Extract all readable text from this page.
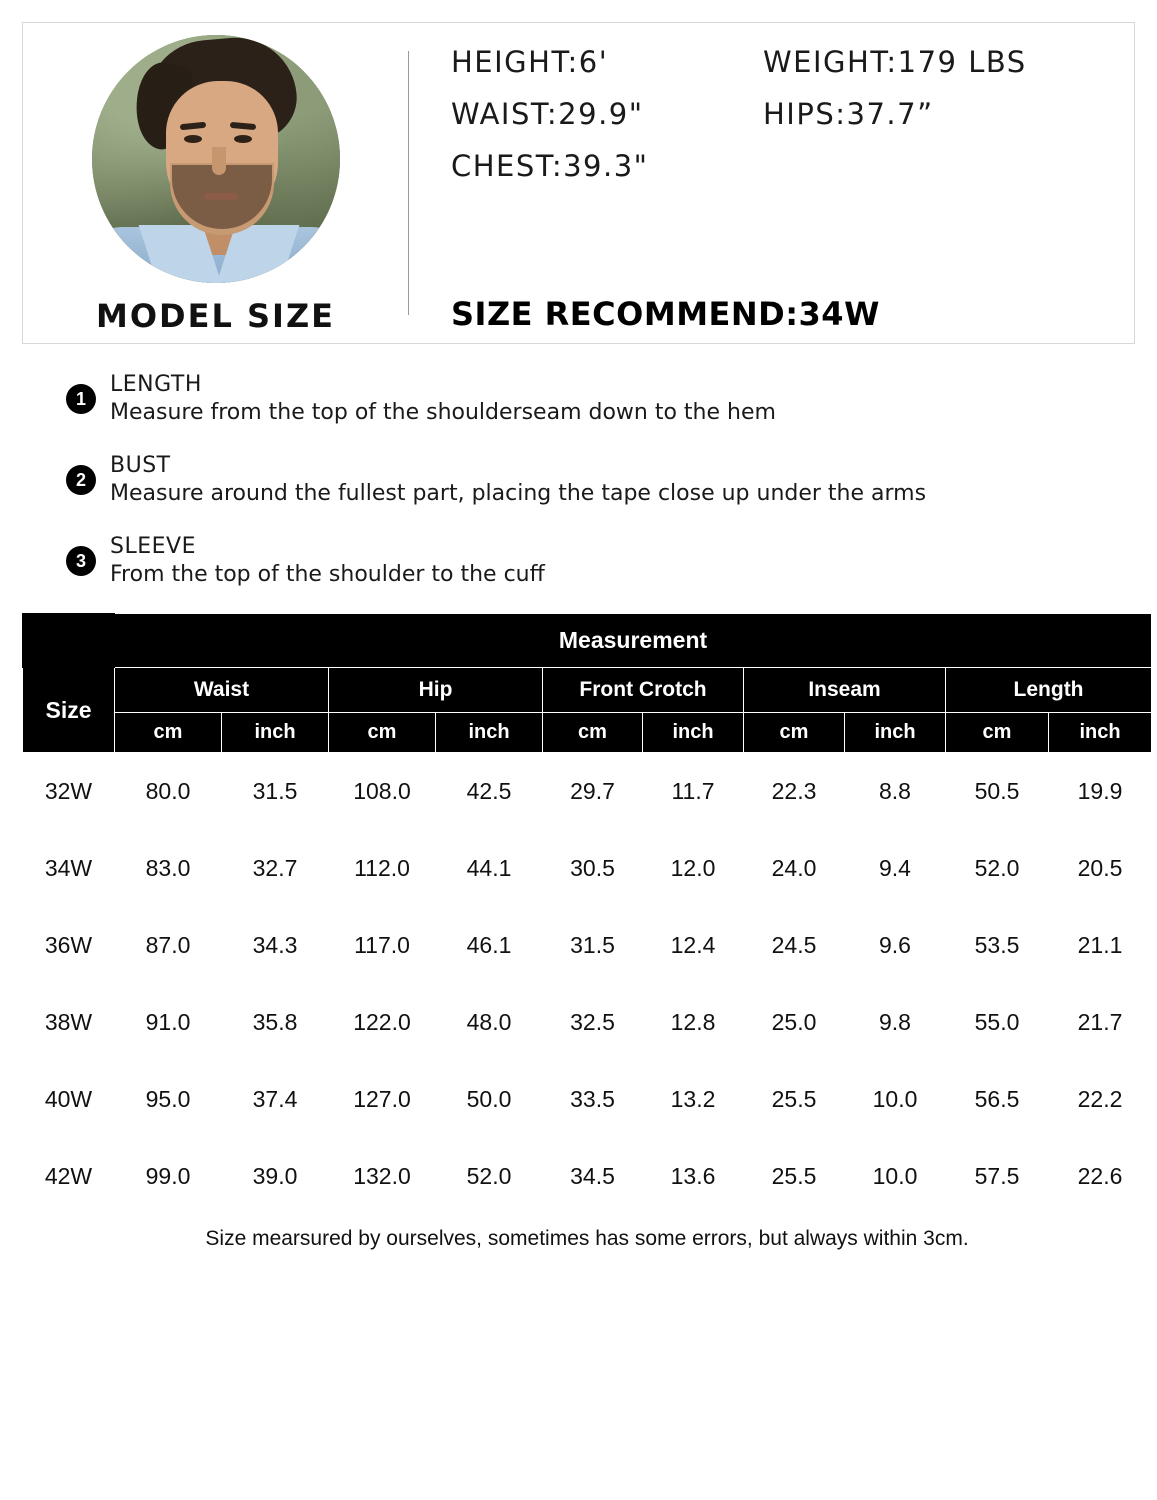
MODEL SIZE
HEIGHT:6'	WEIGHT:179 LBS
WAIST:29.9"	HIPS:37.7”
CHEST:39.3"
SIZE RECOMMEND:34W
1
LENGTH
Measure from the top of the shoulderseam down to the hem
2
BUST
Measure around the fullest part, placing the tape close up under the arms
3
SLEEVE
From the top of the shoulder to the cuff
	Measurement									
Size	Waist		Hip		Front Crotch		Inseam		Length	
	cm	inch	cm	inch	cm	inch	cm	inch	cm	inch
32W	80.0	31.5	108.0	42.5	29.7	11.7	22.3	8.8	50.5	19.9
34W	83.0	32.7	112.0	44.1	30.5	12.0	24.0	9.4	52.0	20.5
36W	87.0	34.3	117.0	46.1	31.5	12.4	24.5	9.6	53.5	21.1
38W	91.0	35.8	122.0	48.0	32.5	12.8	25.0	9.8	55.0	21.7
40W	95.0	37.4	127.0	50.0	33.5	13.2	25.5	10.0	56.5	22.2
42W	99.0	39.0	132.0	52.0	34.5	13.6	25.5	10.0	57.5	22.6
Size mearsured by ourselves, sometimes has some errors, but always within 3cm.										
